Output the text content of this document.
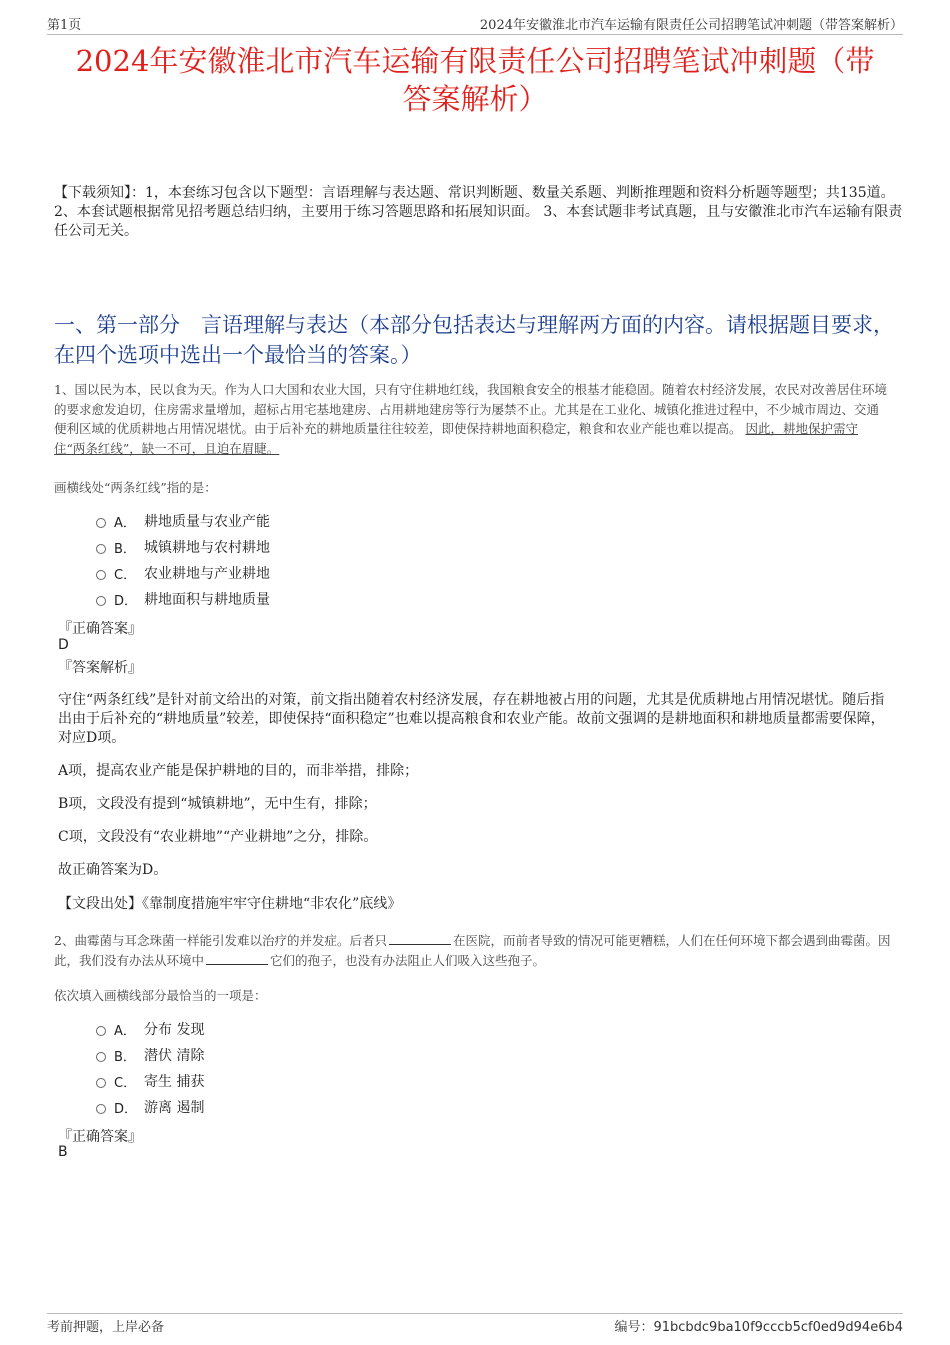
第1页	2024年安徽淮北市汽车运输有限责任公司招聘笔试冲刺题（带答案解析）
2024年安徽淮北市汽车运输有限责任公司招聘笔试冲刺题（带
答案解析）
【下载须知】：1，本套练习包含以下题型：言语理解与表达题、常识判断题、数量关系题、判断推理题和资料分析题等题型；共135道。 2、本套试题根据常见招考题总结归纳，主要用于练习答题思路和拓展知识面。 3、本套试题非考试真题，且与安徽淮北市汽车运输有限责任公司无关。
一、第一部分　言语理解与表达（本部分包括表达与理解两方面的内容。请根据题目要求，在四个选项中选出一个最恰当的答案。）
1、国以民为本，民以食为天。作为人口大国和农业大国，只有守住耕地红线，我国粮食安全的根基才能稳固。随着农村经济发展，农民对改善居住环境的要求愈发迫切，住房需求量增加，超标占用宅基地建房、占用耕地建房等行为屡禁不止。尤其是在工业化、城镇化推进过程中，不少城市周边、交通便利区域的优质耕地占用情况堪忧。由于后补充的耕地质量往往较差，即使保持耕地面积稳定，粮食和农业产能也难以提高。 因此，耕地保护需守住“两条红线”，缺一不可，且迫在眉睫。
画横线处“两条红线”指的是：
A． 耕地质量与农业产能
B． 城镇耕地与农村耕地
C． 农业耕地与产业耕地
D． 耕地面积与耕地质量
『正确答案』
D
『答案解析』
守住“两条红线”是针对前文给出的对策，前文指出随着农村经济发展，存在耕地被占用的问题，尤其是优质耕地占用情况堪忧。随后指出由于后补充的“耕地质量”较差，即使保持“面积稳定”也难以提高粮食和农业产能。故前文强调的是耕地面积和耕地质量都需要保障，对应D项。
A项，提高农业产能是保护耕地的目的，而非举措，排除；
B项，文段没有提到“城镇耕地”，无中生有，排除；
C项，文段没有“农业耕地”“产业耕地”之分，排除。
故正确答案为D。
【文段出处】《靠制度措施牢牢守住耕地“非农化”底线》
2、曲霉菌与耳念珠菌一样能引发难以治疗的并发症。后者只	在医院，而前者导致的情况可能更糟糕，人们在任何环境下都会遇到曲霉菌。因此，我们没有办法从环境中	它们的孢子，也没有办法阻止人们吸入这些孢子。
依次填入画横线部分最恰当的一项是：
A． 分布 发现
B． 潜伏 清除
C． 寄生 捕获
D． 游离 遏制
『正确答案』
B
考前押题，上岸必备	编号：91bcbdc9ba10f9cccb5cf0ed9d94e6b4
